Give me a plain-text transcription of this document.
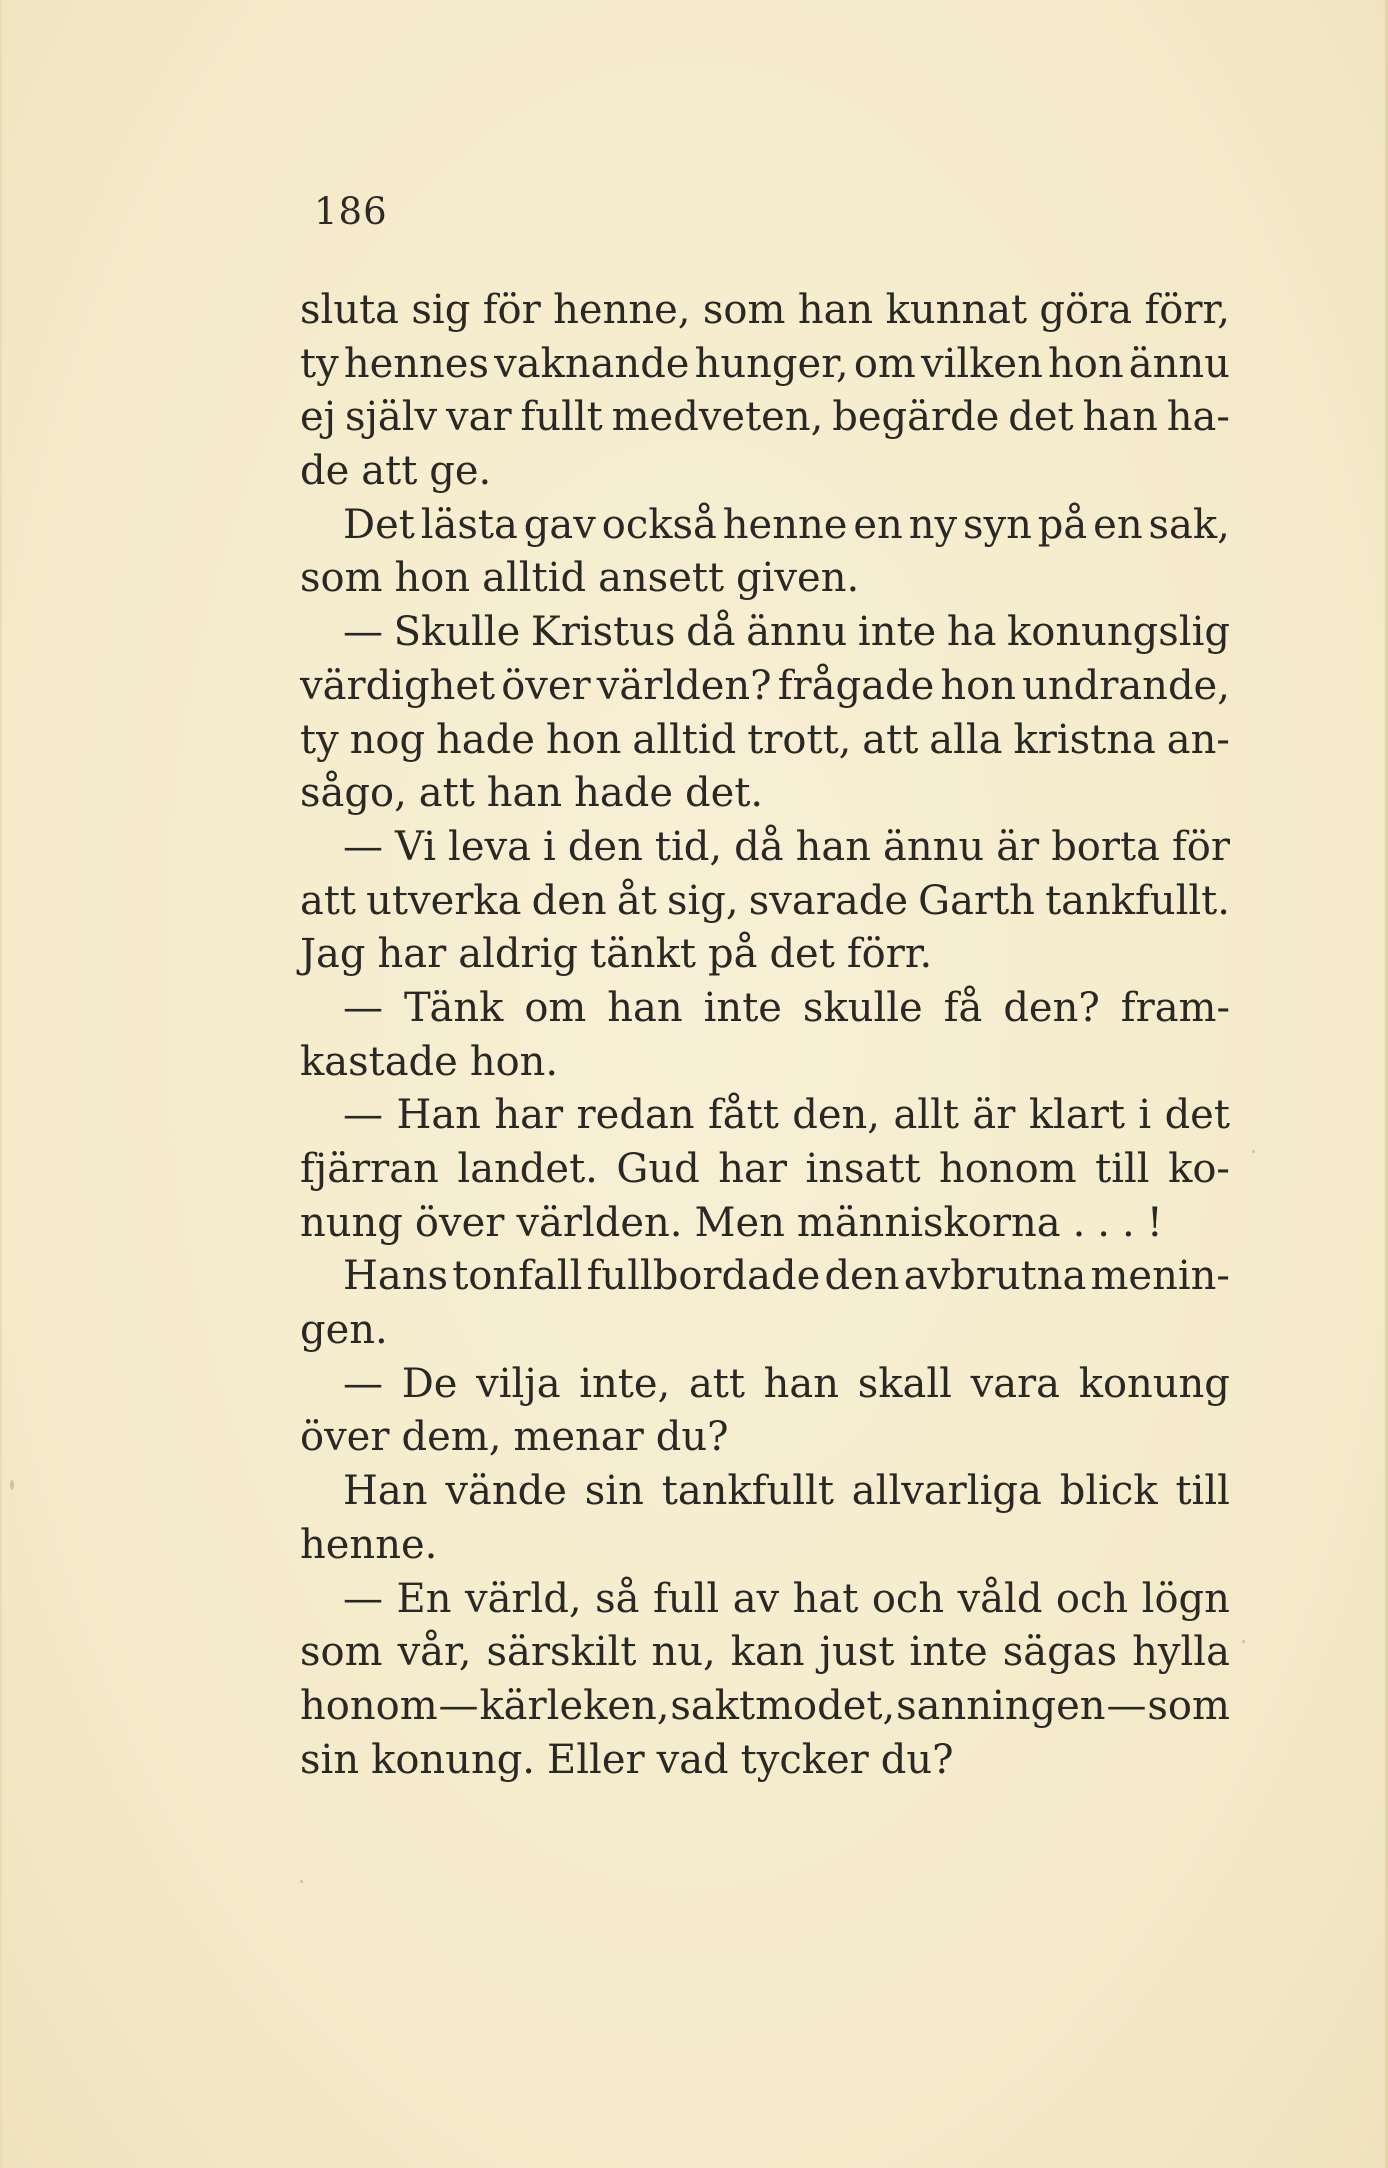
186
sluta sig för henne, som han kunnat göra förr,
ty hennes vaknande hunger, om vilken hon ännu
ej själv var fullt medveten, begärde det han ha-
de att ge.
Det lästa gav också henne en ny syn på en sak,
som hon alltid ansett given.
— Skulle Kristus då ännu inte ha konungslig
värdighet över världen? frågade hon undrande,
ty nog hade hon alltid trott, att alla kristna an-
sågo, att han hade det.
— Vi leva i den tid, då han ännu är borta för
att utverka den åt sig, svarade Garth tankfullt.
Jag har aldrig tänkt på det förr.
— Tänk om han inte skulle få den? fram-
kastade hon.
— Han har redan fått den, allt är klart i det
fjärran landet. Gud har insatt honom till ko-
nung över världen. Men människorna . . . !
Hans tonfall fullbordade den avbrutna menin-
gen.
— De vilja inte, att han skall vara konung
över dem, menar du?
Han vände sin tankfullt allvarliga blick till
henne.
— En värld, så full av hat och våld och lögn
som vår, särskilt nu, kan just inte sägas hylla
honom — kärleken, saktmodet, sanningen — som
sin konung. Eller vad tycker du?
